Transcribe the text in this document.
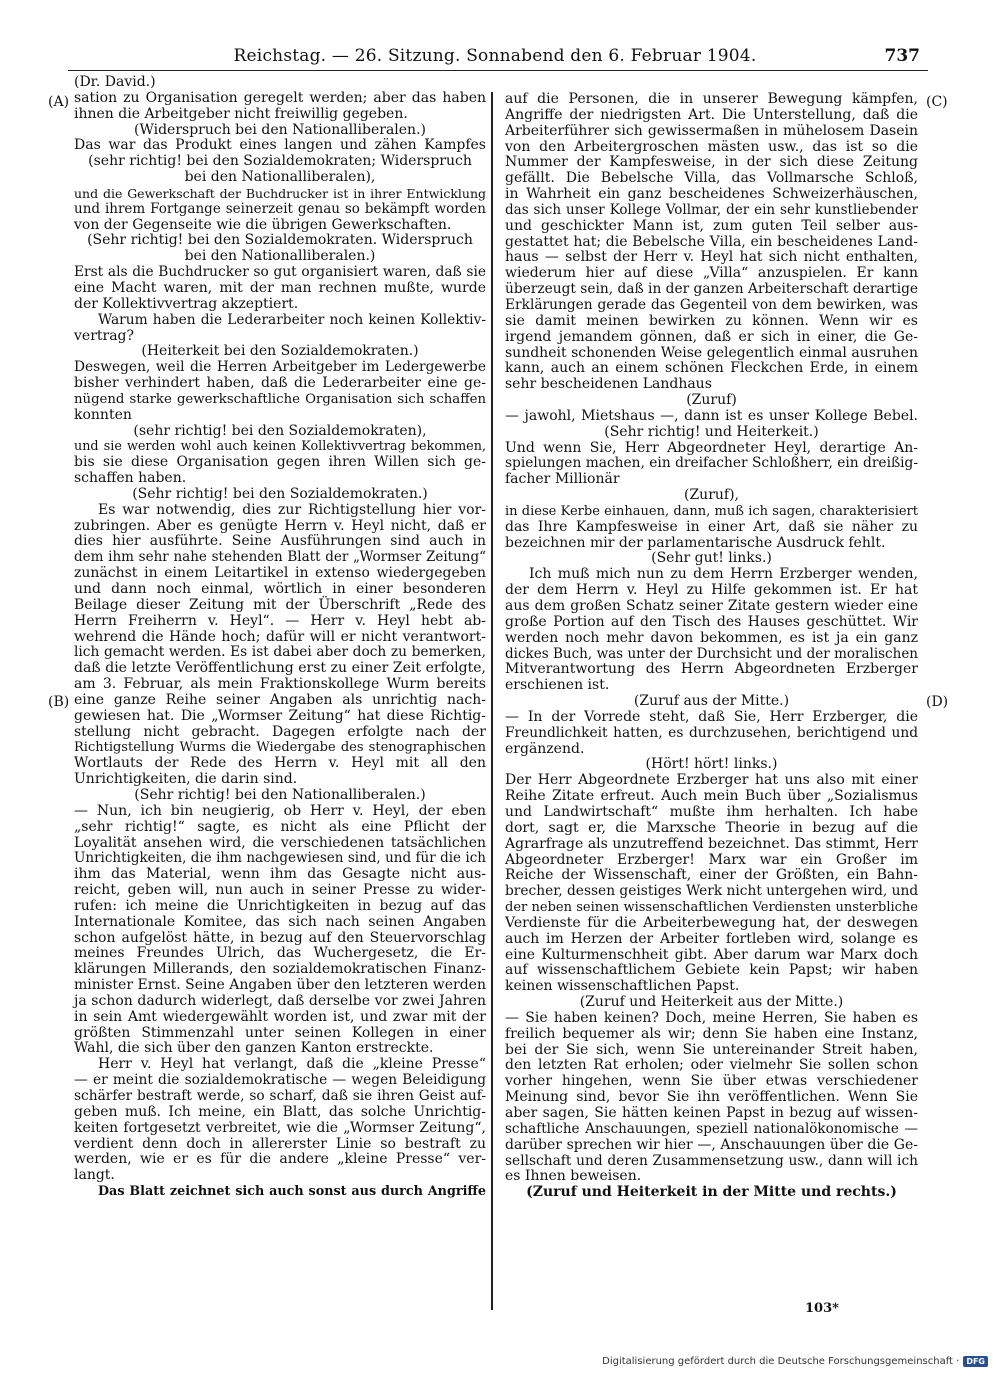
Reichstag. — 26. Sitzung. Sonnabend den 6. Februar 1904.	737

(Dr. David.)

sation zu Organisation geregelt werden; aber das haben

ihnen die Arbeitgeber nicht freiwillig gegeben.

(Widerspruch bei den Nationalliberalen.)

Das war das Produkt eines langen und zähen Kampfes

(sehr richtig! bei den Sozialdemokraten; Widerspruch

bei den Nationalliberalen),

und die Gewerkschaft der Buchdrucker ist in ihrer Entwicklung

und ihrem Fortgange seinerzeit genau so bekämpft worden

von der Gegenseite wie die übrigen Gewerkschaften.

(Sehr richtig! bei den Sozialdemokraten. Widerspruch

bei den Nationalliberalen.)

Erst als die Buchdrucker so gut organisiert waren, daß sie

eine Macht waren, mit der man rechnen mußte, wurde

der Kollektivvertrag akzeptiert.

Warum haben die Lederarbeiter noch keinen Kollektiv-

vertrag?

(Heiterkeit bei den Sozialdemokraten.)

Deswegen, weil die Herren Arbeitgeber im Ledergewerbe

bisher verhindert haben, daß die Lederarbeiter eine ge-

nügend starke gewerkschaftliche Organisation sich schaffen

konnten

(sehr richtig! bei den Sozialdemokraten),

und sie werden wohl auch keinen Kollektivvertrag bekommen,

bis sie diese Organisation gegen ihren Willen sich ge-

schaffen haben.

(Sehr richtig! bei den Sozialdemokraten.)

Es war notwendig, dies zur Richtigstellung hier vor-

zubringen. Aber es genügte Herrn v. Heyl nicht, daß er

dies hier ausführte. Seine Ausführungen sind auch in

dem ihm sehr nahe stehenden Blatt der „Wormser Zeitung“

zunächst in einem Leitartikel in extenso wiedergegeben

und dann noch einmal, wörtlich in einer besonderen

Beilage dieser Zeitung mit der Überschrift „Rede des

Herrn Freiherrn v. Heyl“. — Herr v. Heyl hebt ab-

wehrend die Hände hoch; dafür will er nicht verantwort-

lich gemacht werden. Es ist dabei aber doch zu bemerken,

daß die letzte Veröffentlichung erst zu einer Zeit erfolgte,

am 3. Februar, als mein Fraktionskollege Wurm bereits

eine ganze Reihe seiner Angaben als unrichtig nach-

gewiesen hat. Die „Wormser Zeitung“ hat diese Richtig-

stellung nicht gebracht. Dagegen erfolgte nach der

Richtigstellung Wurms die Wiedergabe des stenographischen

Wortlauts der Rede des Herrn v. Heyl mit all den

Unrichtigkeiten, die darin sind.

(Sehr richtig! bei den Nationalliberalen.)

— Nun, ich bin neugierig, ob Herr v. Heyl, der eben

„sehr richtig!“ sagte, es nicht als eine Pflicht der

Loyalität ansehen wird, die verschiedenen tatsächlichen

Unrichtigkeiten, die ihm nachgewiesen sind, und für die ich

ihm das Material, wenn ihm das Gesagte nicht aus-

reicht, geben will, nun auch in seiner Presse zu wider-

rufen: ich meine die Unrichtigkeiten in bezug auf das

Internationale Komitee, das sich nach seinen Angaben

schon aufgelöst hätte, in bezug auf den Steuervorschlag

meines Freundes Ulrich, das Wuchergesetz, die Er-

klärungen Millerands, den sozialdemokratischen Finanz-

minister Ernst. Seine Angaben über den letzteren werden

ja schon dadurch widerlegt, daß derselbe vor zwei Jahren

in sein Amt wiedergewählt worden ist, und zwar mit der

größten Stimmenzahl unter seinen Kollegen in einer

Wahl, die sich über den ganzen Kanton erstreckte.

Herr v. Heyl hat verlangt, daß die „kleine Presse“

— er meint die sozialdemokratische — wegen Beleidigung

schärfer bestraft werde, so scharf, daß sie ihren Geist auf-

geben muß. Ich meine, ein Blatt, das solche Unrichtig-

keiten fortgesetzt verbreitet, wie die „Wormser Zeitung“,

verdient denn doch in allererster Linie so bestraft zu

werden, wie er es für die andere „kleine Presse“ ver-

langt.

Das Blatt zeichnet sich auch sonst aus durch Angriffe

auf die Personen, die in unserer Bewegung kämpfen,

Angriffe der niedrigsten Art. Die Unterstellung, daß die

Arbeiterführer sich gewissermaßen in mühelosem Dasein

von den Arbeitergroschen mästen usw., das ist so die

Nummer der Kampfesweise, in der sich diese Zeitung

gefällt. Die Bebelsche Villa, das Vollmarsche Schloß,

in Wahrheit ein ganz bescheidenes Schweizerhäuschen,

das sich unser Kollege Vollmar, der ein sehr kunstliebender

und geschickter Mann ist, zum guten Teil selber aus-

gestattet hat; die Bebelsche Villa, ein bescheidenes Land-

haus — selbst der Herr v. Heyl hat sich nicht enthalten,

wiederum hier auf diese „Villa“ anzuspielen. Er kann

überzeugt sein, daß in der ganzen Arbeiterschaft derartige

Erklärungen gerade das Gegenteil von dem bewirken, was

sie damit meinen bewirken zu können. Wenn wir es

irgend jemandem gönnen, daß er sich in einer, die Ge-

sundheit schonenden Weise gelegentlich einmal ausruhen

kann, auch an einem schönen Fleckchen Erde, in einem

sehr bescheidenen Landhaus

(Zuruf)

— jawohl, Mietshaus —, dann ist es unser Kollege Bebel.

(Sehr richtig! und Heiterkeit.)

Und wenn Sie, Herr Abgeordneter Heyl, derartige An-

spielungen machen, ein dreifacher Schloßherr, ein dreißig-

facher Millionär

(Zuruf),

in diese Kerbe einhauen, dann, muß ich sagen, charakterisiert

das Ihre Kampfesweise in einer Art, daß sie näher zu

bezeichnen mir der parlamentarische Ausdruck fehlt.

(Sehr gut! links.)

Ich muß mich nun zu dem Herrn Erzberger wenden,

der dem Herrn v. Heyl zu Hilfe gekommen ist. Er hat

aus dem großen Schatz seiner Zitate gestern wieder eine

große Portion auf den Tisch des Hauses geschüttet. Wir

werden noch mehr davon bekommen, es ist ja ein ganz

dickes Buch, was unter der Durchsicht und der moralischen

Mitverantwortung des Herrn Abgeordneten Erzberger

erschienen ist.

(Zuruf aus der Mitte.)

— In der Vorrede steht, daß Sie, Herr Erzberger, die

Freundlichkeit hatten, es durchzusehen, berichtigend und

ergänzend.

(Hört! hört! links.)

Der Herr Abgeordnete Erzberger hat uns also mit einer

Reihe Zitate erfreut. Auch mein Buch über „Sozialismus

und Landwirtschaft“ mußte ihm herhalten. Ich habe

dort, sagt er, die Marxsche Theorie in bezug auf die

Agrarfrage als unzutreffend bezeichnet. Das stimmt, Herr

Abgeordneter Erzberger! Marx war ein Großer im

Reiche der Wissenschaft, einer der Größten, ein Bahn-

brecher, dessen geistiges Werk nicht untergehen wird, und

der neben seinen wissenschaftlichen Verdiensten unsterbliche

Verdienste für die Arbeiterbewegung hat, der deswegen

auch im Herzen der Arbeiter fortleben wird, solange es

eine Kulturmenschheit gibt. Aber darum war Marx doch

auf wissenschaftlichem Gebiete kein Papst; wir haben

keinen wissenschaftlichen Papst.

(Zuruf und Heiterkeit aus der Mitte.)

— Sie haben keinen? Doch, meine Herren, Sie haben es

freilich bequemer als wir; denn Sie haben eine Instanz,

bei der Sie sich, wenn Sie untereinander Streit haben,

den letzten Rat erholen; oder vielmehr Sie sollen schon

vorher hingehen, wenn Sie über etwas verschiedener

Meinung sind, bevor Sie ihn veröffentlichen. Wenn Sie

aber sagen, Sie hätten keinen Papst in bezug auf wissen-

schaftliche Anschauungen, speziell nationalökonomische —

darüber sprechen wir hier —, Anschauungen über die Ge-

sellschaft und deren Zusammensetzung usw., dann will ich

es Ihnen beweisen.

(Zuruf und Heiterkeit in der Mitte und rechts.)

(A)
(B)
(C)
(D)
103*
Digitalisierung gefördert durch die Deutsche Forschungsgemeinschaft · DFG
